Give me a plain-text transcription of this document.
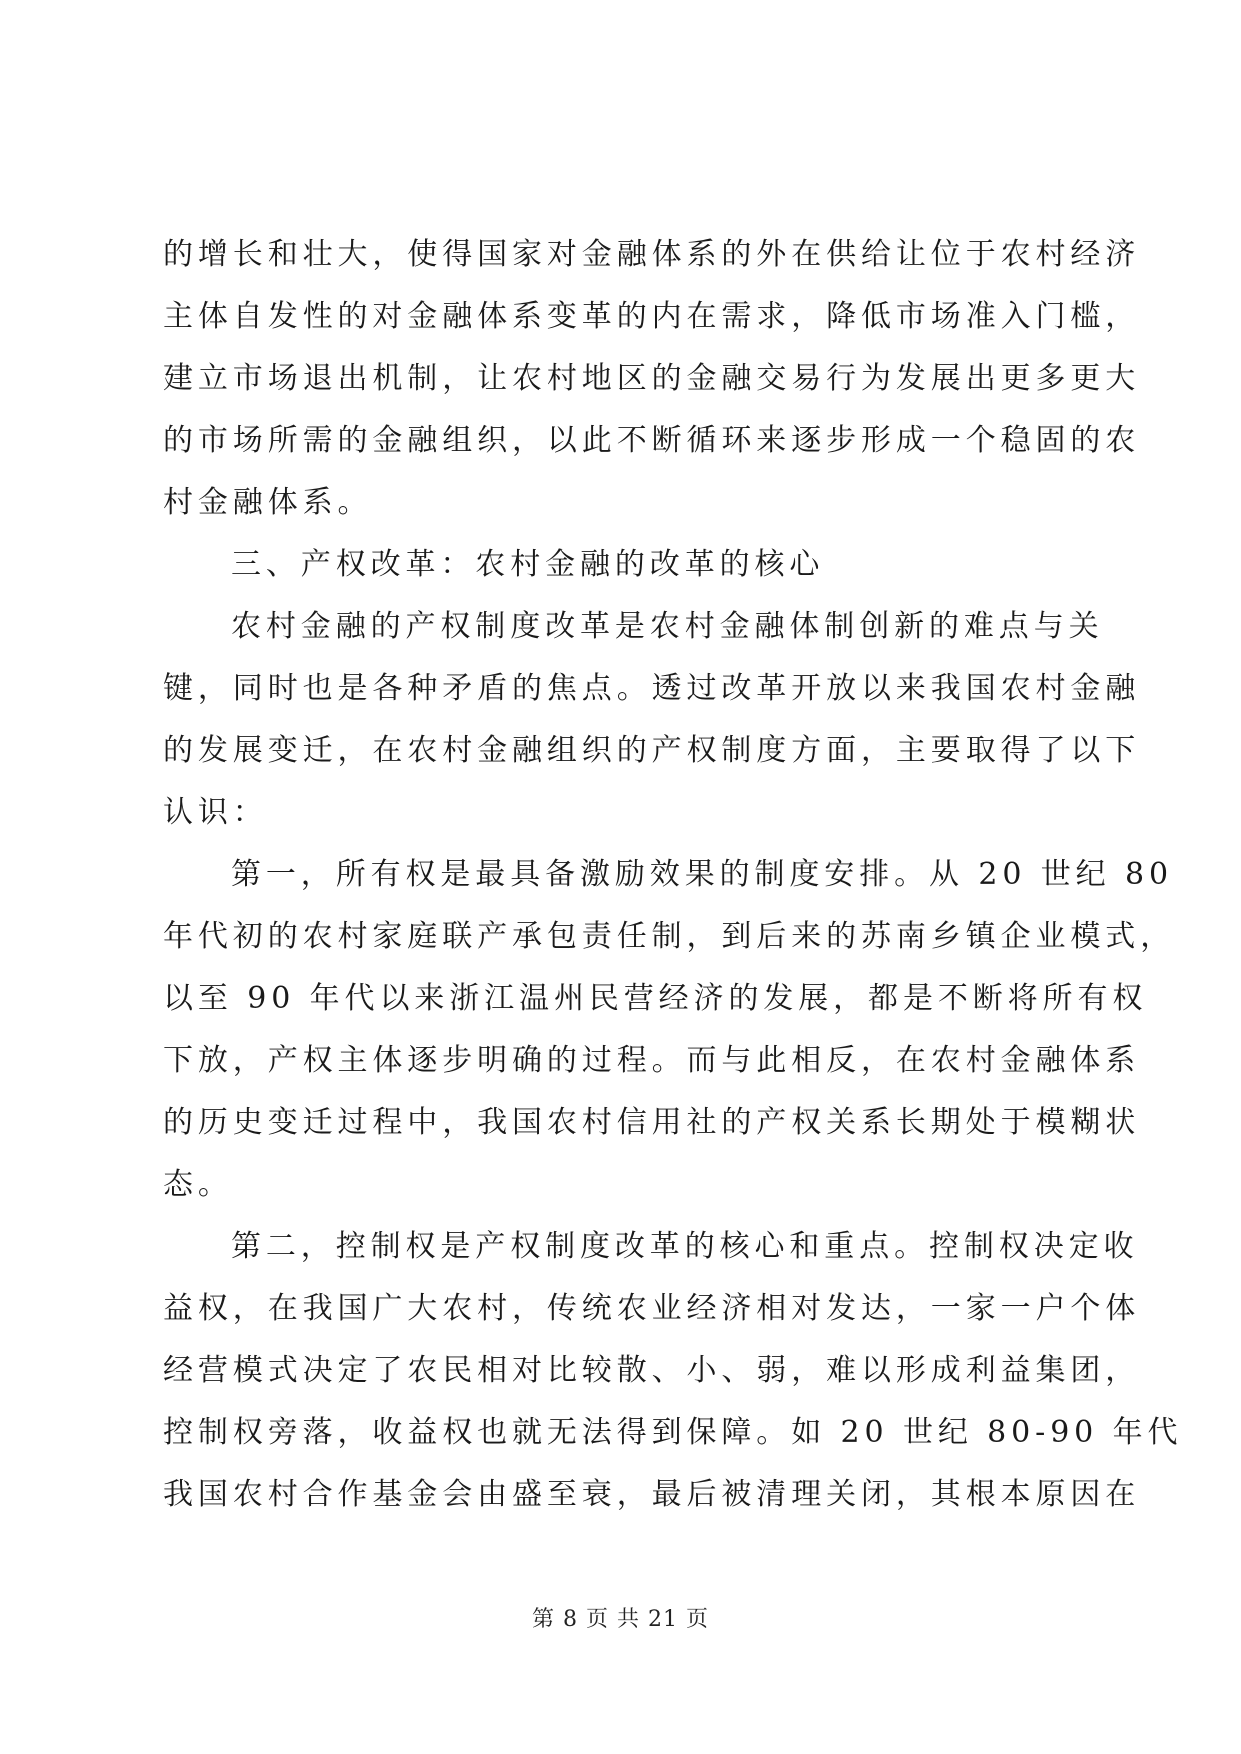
的增长和壮大，使得国家对金融体系的外在供给让位于农村经济
主体自发性的对金融体系变革的内在需求，降低市场准入门槛，
建立市场退出机制，让农村地区的金融交易行为发展出更多更大
的市场所需的金融组织，以此不断循环来逐步形成一个稳固的农
村金融体系。
三、产权改革：农村金融的改革的核心
农村金融的产权制度改革是农村金融体制创新的难点与关
键，同时也是各种矛盾的焦点。透过改革开放以来我国农村金融
的发展变迁，在农村金融组织的产权制度方面，主要取得了以下
认识：
第一，所有权是最具备激励效果的制度安排。从 20 世纪 80
年代初的农村家庭联产承包责任制，到后来的苏南乡镇企业模式，
以至 90 年代以来浙江温州民营经济的发展，都是不断将所有权
下放，产权主体逐步明确的过程。而与此相反，在农村金融体系
的历史变迁过程中，我国农村信用社的产权关系长期处于模糊状
态。
第二，控制权是产权制度改革的核心和重点。控制权决定收
益权，在我国广大农村，传统农业经济相对发达，一家一户个体
经营模式决定了农民相对比较散、小、弱，难以形成利益集团，
控制权旁落，收益权也就无法得到保障。如 20 世纪 80-90 年代
我国农村合作基金会由盛至衰，最后被清理关闭，其根本原因在
第 8 页 共 21 页
